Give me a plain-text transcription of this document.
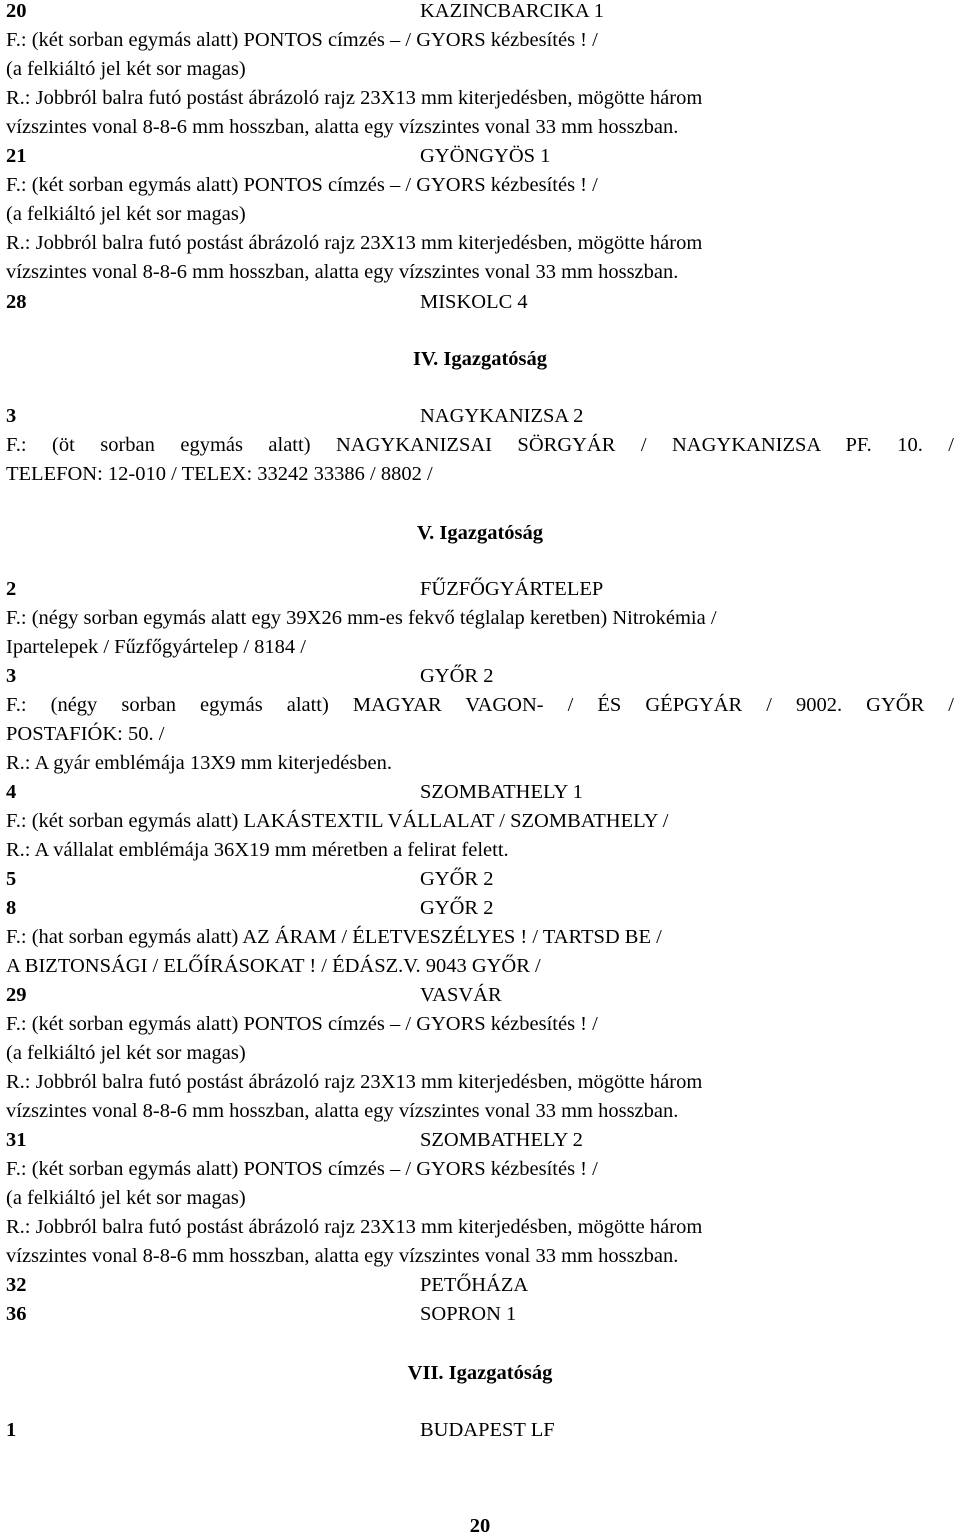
20	KAZINCBARCIKA 1
F.: (két sorban egymás alatt) PONTOS címzés – / GYORS kézbesítés ! /
(a felkiáltó jel két sor magas)
R.: Jobbról balra futó postást ábrázoló rajz 23X13 mm kiterjedésben, mögötte három
vízszintes vonal 8-8-6 mm hosszban, alatta egy vízszintes vonal 33 mm hosszban.
21	GYÖNGYÖS 1
F.: (két sorban egymás alatt) PONTOS címzés – / GYORS kézbesítés ! /
(a felkiáltó jel két sor magas)
R.: Jobbról balra futó postást ábrázoló rajz 23X13 mm kiterjedésben, mögötte három
vízszintes vonal 8-8-6 mm hosszban, alatta egy vízszintes vonal 33 mm hosszban.
28	MISKOLC 4
IV. Igazgatóság
3	NAGYKANIZSA 2
F.: (öt sorban egymás alatt) NAGYKANIZSAI SÖRGYÁR / NAGYKANIZSA PF. 10. /
TELEFON: 12-010 / TELEX: 33242 33386 / 8802 /
V. Igazgatóság
2	FŰZFŐGYÁRTELEP
F.: (négy sorban egymás alatt egy 39X26 mm-es fekvő téglalap keretben) Nitrokémia /
Ipartelepek / Fűzfőgyártelep / 8184 /
3	GYŐR 2
F.: (négy sorban egymás alatt) MAGYAR VAGON- / ÉS GÉPGYÁR / 9002. GYŐR /
POSTAFIÓK: 50. /
R.: A gyár emblémája 13X9 mm kiterjedésben.
4	SZOMBATHELY 1
F.: (két sorban egymás alatt) LAKÁSTEXTIL VÁLLALAT / SZOMBATHELY /
R.: A vállalat emblémája 36X19 mm méretben a felirat felett.
5	GYŐR 2
8	GYŐR 2
F.: (hat sorban egymás alatt) AZ ÁRAM / ÉLETVESZÉLYES ! / TARTSD BE /
A BIZTONSÁGI / ELŐÍRÁSOKAT ! / ÉDÁSZ.V. 9043 GYŐR /
29	VASVÁR
F.: (két sorban egymás alatt) PONTOS címzés – / GYORS kézbesítés ! /
(a felkiáltó jel két sor magas)
R.: Jobbról balra futó postást ábrázoló rajz 23X13 mm kiterjedésben, mögötte három
vízszintes vonal 8-8-6 mm hosszban, alatta egy vízszintes vonal 33 mm hosszban.
31	SZOMBATHELY 2
F.: (két sorban egymás alatt) PONTOS címzés – / GYORS kézbesítés ! /
(a felkiáltó jel két sor magas)
R.: Jobbról balra futó postást ábrázoló rajz 23X13 mm kiterjedésben, mögötte három
vízszintes vonal 8-8-6 mm hosszban, alatta egy vízszintes vonal 33 mm hosszban.
32	PETŐHÁZA
36	SOPRON 1
VII. Igazgatóság
1	BUDAPEST LF
20
